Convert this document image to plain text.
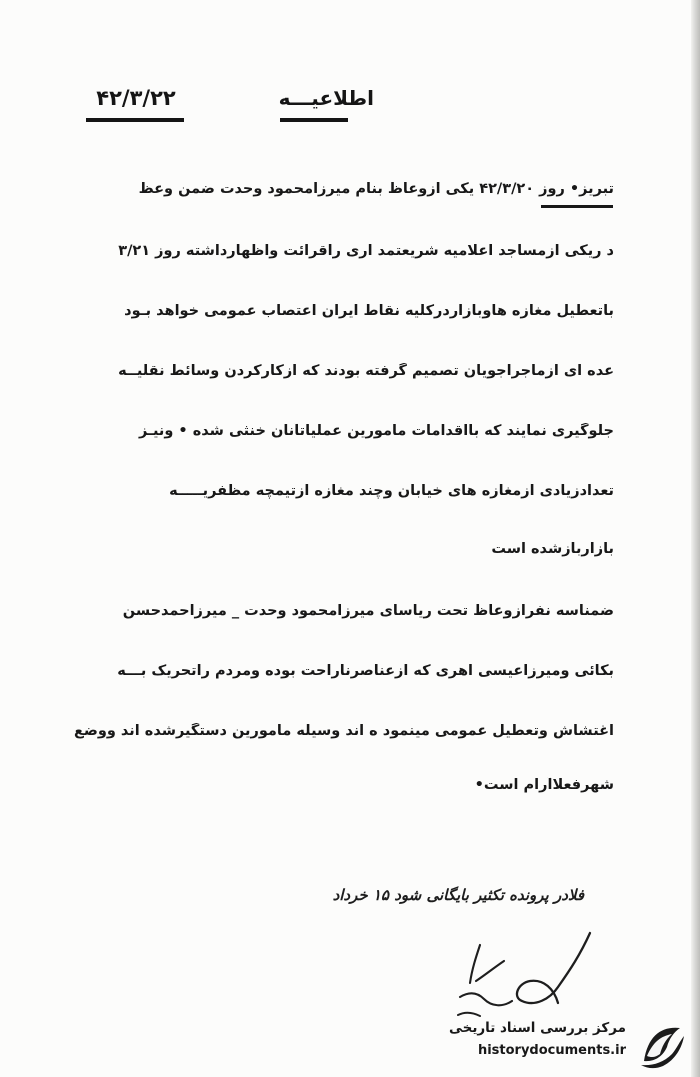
۴۲/۳/۲۲	اطلاعیـــه
تبریز• روز ۴۲/۳/۲۰ یکی ازوعاظ بنام میرزامحمود وحدت ضمن وعظ
د ریکی ازمساجد اعلامیه شریعتمد اری راقرائت واظهارداشته روز ۳/۲۱
باتعطیل مغازه هاوبازاردرکلیه نقاط ایران اعتصاب عمومی خواهد بـود
عده ای ازماجراجویان تصمیم گرفته بودند که ازکارکردن وسائط نقلیــه
جلوگیری نمایند که بااقدامات مامورین عملیاتآنان خنثی شده • ونیـز
تعدادزیادی ازمغازه های خیابان وچند مغازه ازتیمچه مظفریـــــه
بازاربازشده است
ضمناسه نفرازوعاظ تحت ریاسای میرزامحمود وحدت _ میرزاحمدحسن
بکائی ومیرزاعیسی اهری که ازعناصرناراحت بوده ومردم راتحریک بـــه
اغتشاش وتعطیل عمومی مینمود ه اند وسیله مامورین دستگیرشده اند ووضع
شهرفعلاآرام است•
فلادر پرونده تکثیر بایگانی شود ۱۵ خرداد
مرکز بررسی اسناد تاریخی
historydocuments.ir
